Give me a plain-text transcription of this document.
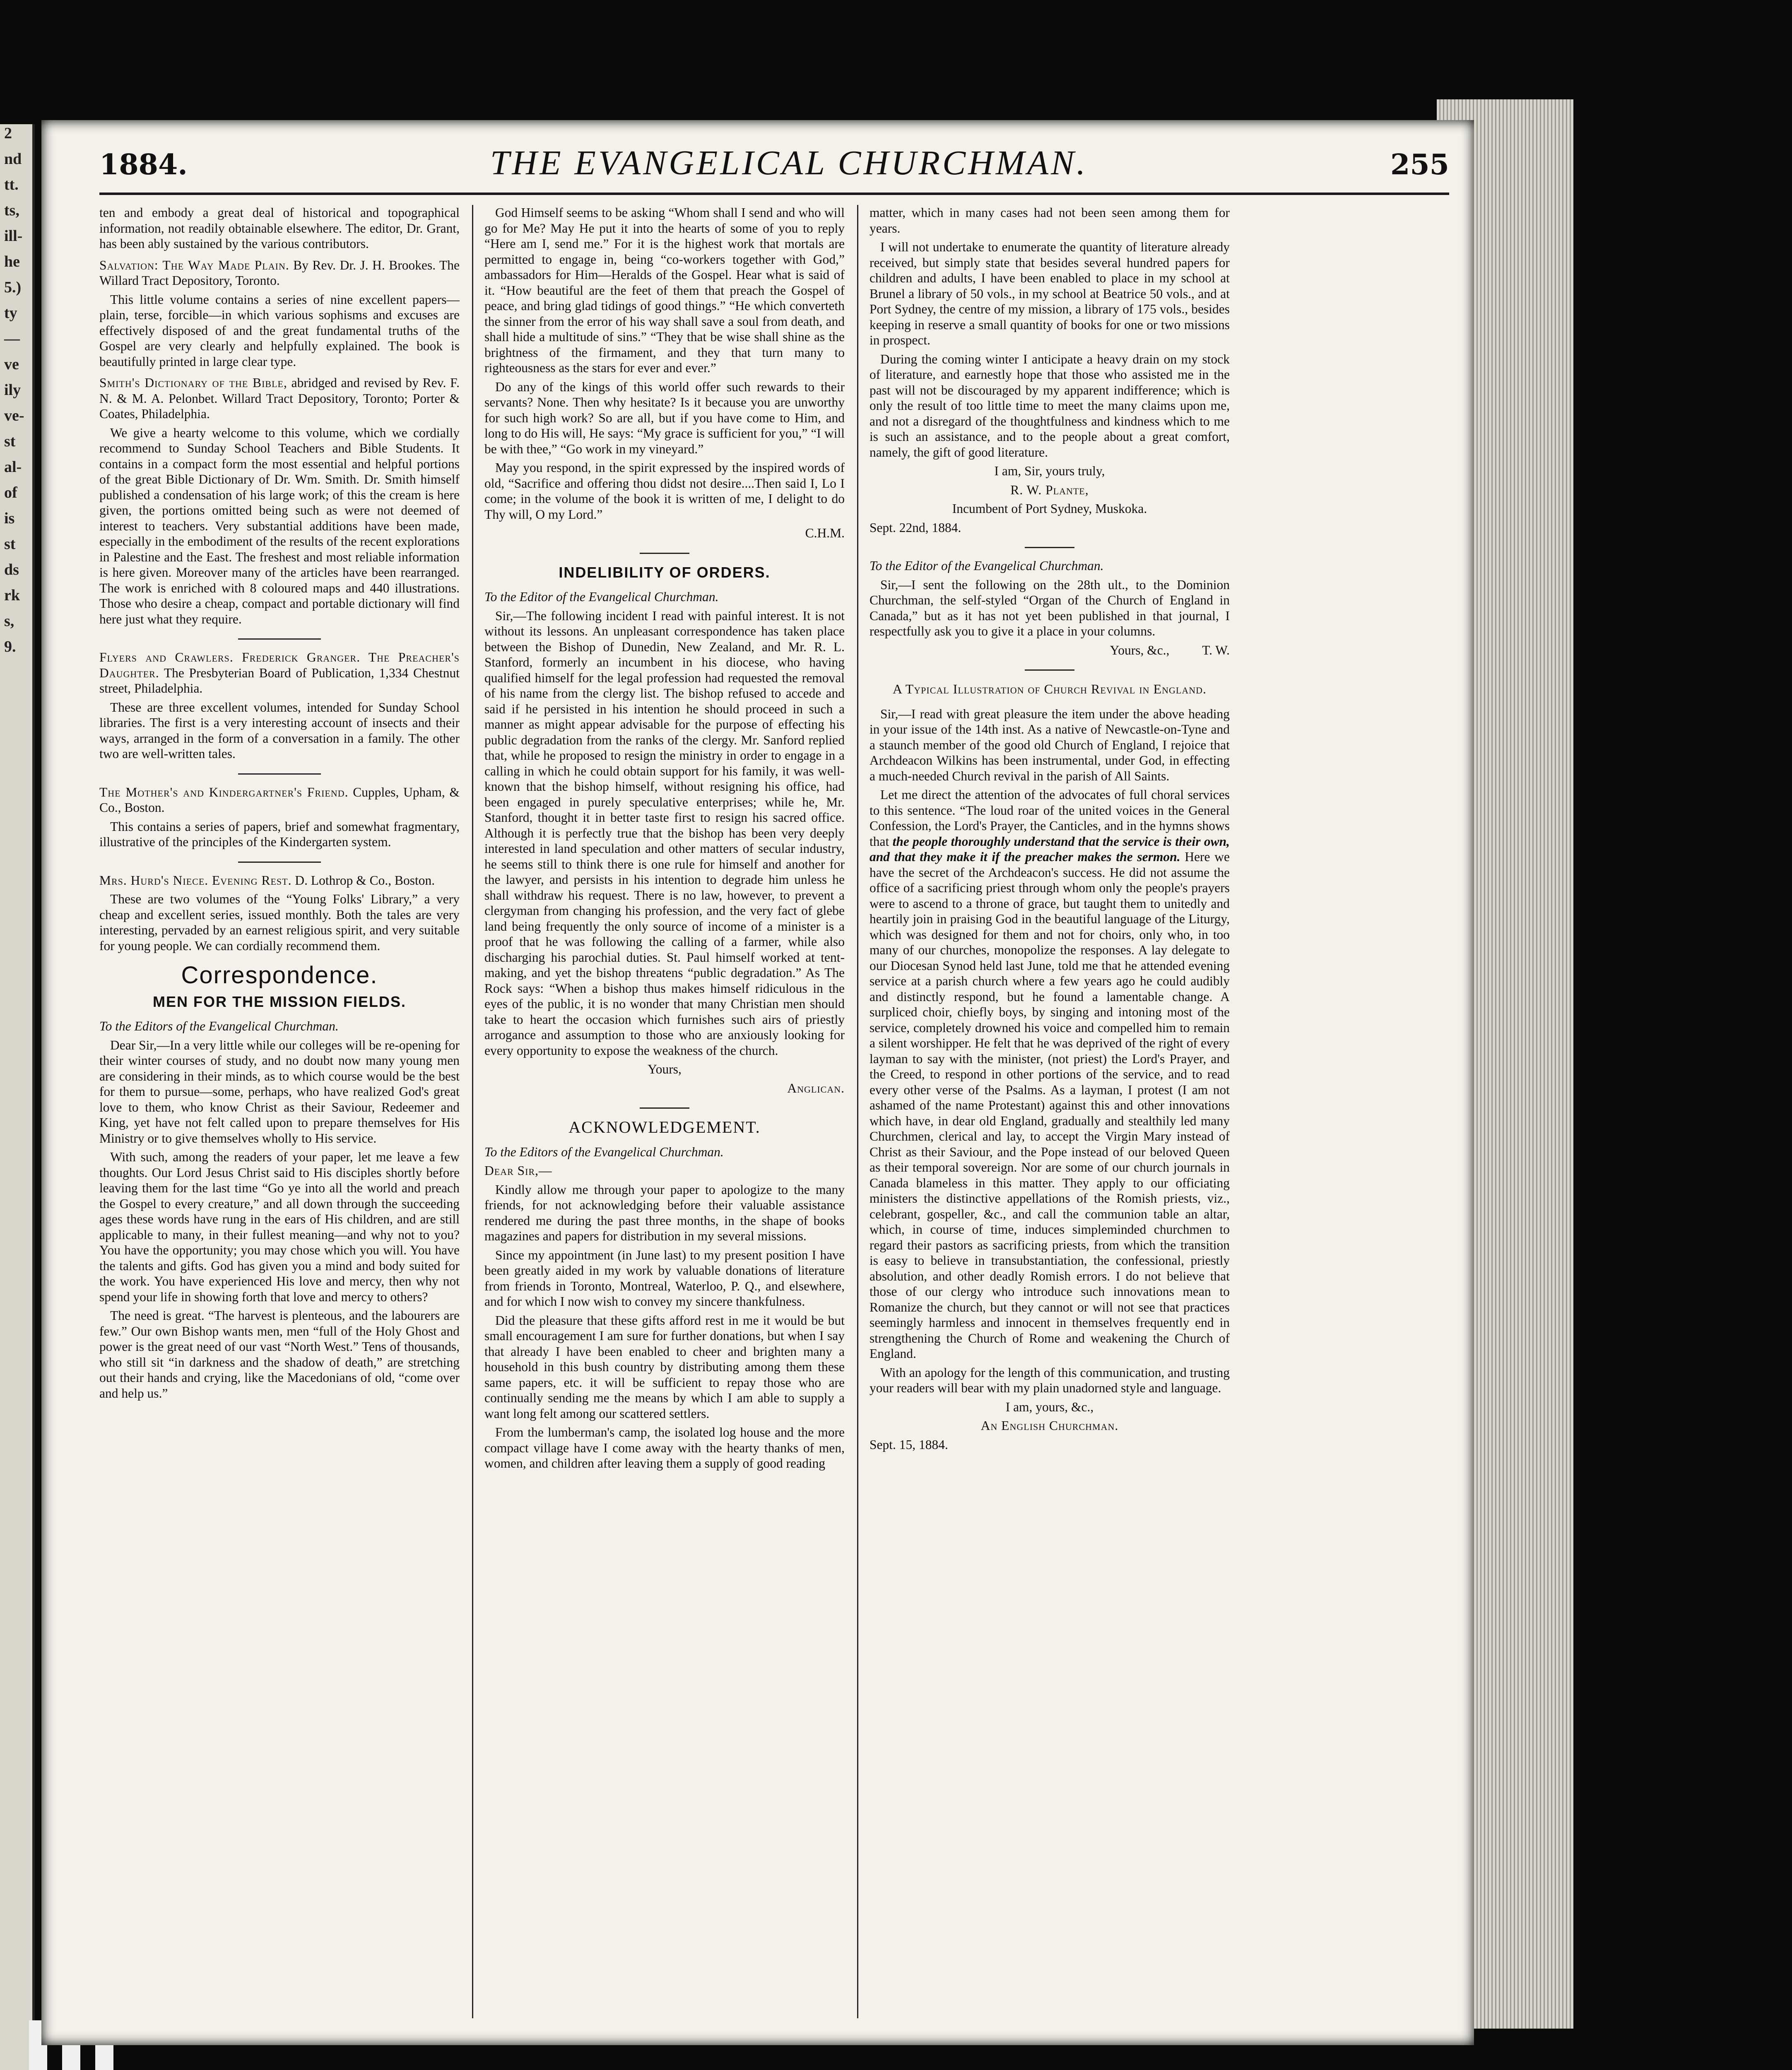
2
nd
tt.
ts,
ill-
he
5.)
ty
—
ve
ily
ve-
st
al-
of
is
st
ds
rk
s,
9.
1884.	THE EVANGELICAL CHURCHMAN.	255

ten and embody a great deal of historical and topographical information, not readily obtainable elsewhere. The editor, Dr. Grant, has been ably sustained by the various contributors.

Salvation: The Way Made Plain. By Rev. Dr. J. H. Brookes. The Willard Tract Depository, Toronto.

This little volume contains a series of nine excellent papers—plain, terse, forcible—in which various sophisms and excuses are effectively disposed of and the great fundamental truths of the Gospel are very clearly and helpfully explained. The book is beautifully printed in large clear type.

Smith's Dictionary of the Bible, abridged and revised by Rev. F. N. & M. A. Pelonbet. Willard Tract Depository, Toronto; Porter & Coates, Philadelphia.

We give a hearty welcome to this volume, which we cordially recommend to Sunday School Teachers and Bible Students. It contains in a compact form the most essential and helpful portions of the great Bible Dictionary of Dr. Wm. Smith. Dr. Smith himself published a condensation of his large work; of this the cream is here given, the portions omitted being such as were not deemed of interest to teachers. Very substantial additions have been made, especially in the embodiment of the results of the recent explorations in Palestine and the East. The freshest and most reliable information is here given. Moreover many of the articles have been rearranged. The work is enriched with 8 coloured maps and 440 illustrations. Those who desire a cheap, compact and portable dictionary will find here just what they require.

Flyers and Crawlers. Frederick Granger. The Preacher's Daughter. The Presbyterian Board of Publication, 1,334 Chestnut street, Philadelphia.

These are three excellent volumes, intended for Sunday School libraries. The first is a very interesting account of insects and their ways, arranged in the form of a conversation in a family. The other two are well-written tales.

The Mother's and Kindergartner's Friend. Cupples, Upham, & Co., Boston.

This contains a series of papers, brief and somewhat fragmentary, illustrative of the principles of the Kindergarten system.

Mrs. Hurd's Niece. Evening Rest. D. Lothrop & Co., Boston.

These are two volumes of the “Young Folks' Library,” a very cheap and excellent series, issued monthly. Both the tales are very interesting, pervaded by an earnest religious spirit, and very suitable for young people. We can cordially recommend them.

Correspondence.
MEN FOR THE MISSION FIELDS.

To the Editors of the Evangelical Churchman.

Dear Sir,—In a very little while our colleges will be re-opening for their winter courses of study, and no doubt now many young men are considering in their minds, as to which course would be the best for them to pursue—some, perhaps, who have realized God's great love to them, who know Christ as their Saviour, Redeemer and King, yet have not felt called upon to prepare themselves for His Ministry or to give themselves wholly to His service.

With such, among the readers of your paper, let me leave a few thoughts. Our Lord Jesus Christ said to His disciples shortly before leaving them for the last time “Go ye into all the world and preach the Gospel to every creature,” and all down through the succeeding ages these words have rung in the ears of His children, and are still applicable to many, in their fullest meaning—and why not to you? You have the opportunity; you may chose which you will. You have the talents and gifts. God has given you a mind and body suited for the work. You have experienced His love and mercy, then why not spend your life in showing forth that love and mercy to others?

The need is great. “The harvest is plenteous, and the labourers are few.” Our own Bishop wants men, men “full of the Holy Ghost and power is the great need of our vast “North West.” Tens of thousands, who still sit “in darkness and the shadow of death,” are stretching out their hands and crying, like the Macedonians of old, “come over and help us.”

God Himself seems to be asking “Whom shall I send and who will go for Me? May He put it into the hearts of some of you to reply “Here am I, send me.” For it is the highest work that mortals are permitted to engage in, being “co-workers together with God,” ambassadors for Him—Heralds of the Gospel. Hear what is said of it. “How beautiful are the feet of them that preach the Gospel of peace, and bring glad tidings of good things.” “He which converteth the sinner from the error of his way shall save a soul from death, and shall hide a multitude of sins.” “They that be wise shall shine as the brightness of the firmament, and they that turn many to righteousness as the stars for ever and ever.”

Do any of the kings of this world offer such rewards to their servants? None. Then why hesitate? Is it because you are unworthy for such high work? So are all, but if you have come to Him, and long to do His will, He says: “My grace is sufficient for you,” “I will be with thee,” “Go work in my vineyard.”

May you respond, in the spirit expressed by the inspired words of old, “Sacrifice and offering thou didst not desire....Then said I, Lo I come; in the volume of the book it is written of me, I delight to do Thy will, O my Lord.”

C.H.M.

INDELIBILITY OF ORDERS.

To the Editor of the Evangelical Churchman.

Sir,—The following incident I read with painful interest. It is not without its lessons. An unpleasant correspondence has taken place between the Bishop of Dunedin, New Zealand, and Mr. R. L. Stanford, formerly an incumbent in his diocese, who having qualified himself for the legal profession had requested the removal of his name from the clergy list. The bishop refused to accede and said if he persisted in his intention he should proceed in such a manner as might appear advisable for the purpose of effecting his public degradation from the ranks of the clergy. Mr. Sanford replied that, while he proposed to resign the ministry in order to engage in a calling in which he could obtain support for his family, it was well-known that the bishop himself, without resigning his office, had been engaged in purely speculative enterprises; while he, Mr. Stanford, thought it in better taste first to resign his sacred office. Although it is perfectly true that the bishop has been very deeply interested in land speculation and other matters of secular industry, he seems still to think there is one rule for himself and another for the lawyer, and persists in his intention to degrade him unless he shall withdraw his request. There is no law, however, to prevent a clergyman from changing his profession, and the very fact of glebe land being frequently the only source of income of a minister is a proof that he was following the calling of a farmer, while also discharging his parochial duties. St. Paul himself worked at tent-making, and yet the bishop threatens “public degradation.” As The Rock says: “When a bishop thus makes himself ridiculous in the eyes of the public, it is no wonder that many Christian men should take to heart the occasion which furnishes such airs of priestly arrogance and assumption to those who are anxiously looking for every opportunity to expose the weakness of the church.

Yours,

Anglican.

ACKNOWLEDGEMENT.

To the Editors of the Evangelical Churchman.

Dear Sir,—

Kindly allow me through your paper to apologize to the many friends, for not acknowledging before their valuable assistance rendered me during the past three months, in the shape of books magazines and papers for distribution in my several missions.

Since my appointment (in June last) to my present position I have been greatly aided in my work by valuable donations of literature from friends in Toronto, Montreal, Waterloo, P. Q., and elsewhere, and for which I now wish to convey my sincere thankfulness.

Did the pleasure that these gifts afford rest in me it would be but small encouragement I am sure for further donations, but when I say that already I have been enabled to cheer and brighten many a household in this bush country by distributing among them these same papers, etc. it will be sufficient to repay those who are continually sending me the means by which I am able to supply a want long felt among our scattered settlers.

From the lumberman's camp, the isolated log house and the more compact village have I come away with the hearty thanks of men, women, and children after leaving them a supply of good reading

matter, which in many cases had not been seen among them for years.

I will not undertake to enumerate the quantity of literature already received, but simply state that besides several hundred papers for children and adults, I have been enabled to place in my school at Brunel a library of 50 vols., in my school at Beatrice 50 vols., and at Port Sydney, the centre of my mission, a library of 175 vols., besides keeping in reserve a small quantity of books for one or two missions in prospect.

During the coming winter I anticipate a heavy drain on my stock of literature, and earnestly hope that those who assisted me in the past will not be discouraged by my apparent indifference; which is only the result of too little time to meet the many claims upon me, and not a disregard of the thoughtfulness and kindness which to me is such an assistance, and to the people about a great comfort, namely, the gift of good literature.

I am, Sir, yours truly,

R. W. Plante,

Incumbent of Port Sydney, Muskoka.

Sept. 22nd, 1884.

To the Editor of the Evangelical Churchman.

Sir,—I sent the following on the 28th ult., to the Dominion Churchman, the self-styled “Organ of the Church of England in Canada,” but as it has not yet been published in that journal, I respectfully ask you to give it a place in your columns.

Yours, &c.,	T. W.

A Typical Illustration of Church Revival in England.

Sir,—I read with great pleasure the item under the above heading in your issue of the 14th inst. As a native of Newcastle-on-Tyne and a staunch member of the good old Church of England, I rejoice that Archdeacon Wilkins has been instrumental, under God, in effecting a much-needed Church revival in the parish of All Saints.

Let me direct the attention of the advocates of full choral services to this sentence. “The loud roar of the united voices in the General Confession, the Lord's Prayer, the Canticles, and in the hymns shows that the people thoroughly understand that the service is their own, and that they make it if the preacher makes the sermon. Here we have the secret of the Archdeacon's success. He did not assume the office of a sacrificing priest through whom only the people's prayers were to ascend to a throne of grace, but taught them to unitedly and heartily join in praising God in the beautiful language of the Liturgy, which was designed for them and not for choirs, only who, in too many of our churches, monopolize the responses. A lay delegate to our Diocesan Synod held last June, told me that he attended evening service at a parish church where a few years ago he could audibly and distinctly respond, but he found a lamentable change. A surpliced choir, chiefly boys, by singing and intoning most of the service, completely drowned his voice and compelled him to remain a silent worshipper. He felt that he was deprived of the right of every layman to say with the minister, (not priest) the Lord's Prayer, and the Creed, to respond in other portions of the service, and to read every other verse of the Psalms. As a layman, I protest (I am not ashamed of the name Protestant) against this and other innovations which have, in dear old England, gradually and stealthily led many Churchmen, clerical and lay, to accept the Virgin Mary instead of Christ as their Saviour, and the Pope instead of our beloved Queen as their temporal sovereign. Nor are some of our church journals in Canada blameless in this matter. They apply to our officiating ministers the distinctive appellations of the Romish priests, viz., celebrant, gospeller, &c., and call the communion table an altar, which, in course of time, induces simpleminded churchmen to regard their pastors as sacrificing priests, from which the transition is easy to believe in transubstantiation, the confessional, priestly absolution, and other deadly Romish errors. I do not believe that those of our clergy who introduce such innovations mean to Romanize the church, but they cannot or will not see that practices seemingly harmless and innocent in themselves frequently end in strengthening the Church of Rome and weakening the Church of England.

With an apology for the length of this communication, and trusting your readers will bear with my plain unadorned style and language.

I am, yours, &c.,

An English Churchman.

Sept. 15, 1884.
